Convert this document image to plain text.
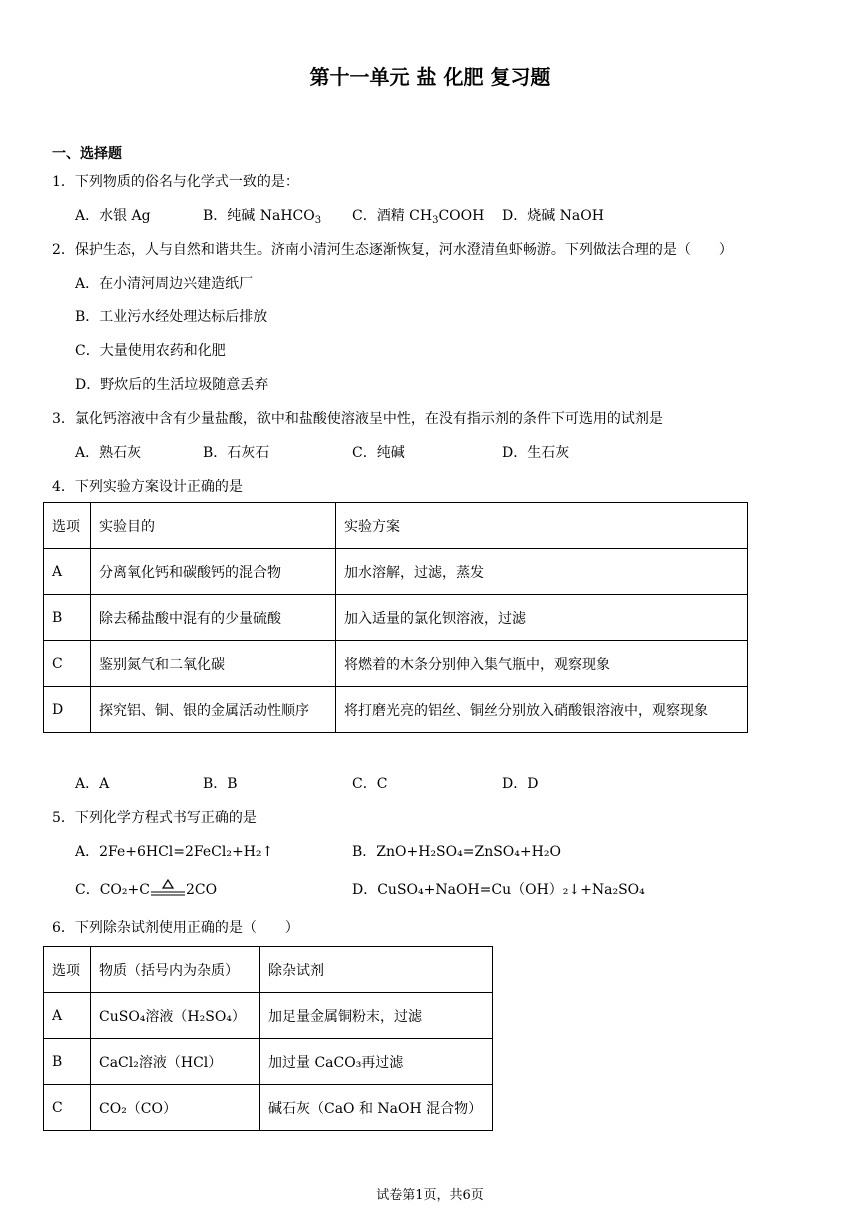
第十一单元 盐 化肥 复习题
一、选择题
1．下列物质的俗名与化学式一致的是：
A．水银 Ag	B．纯碱 NaHCO$_3$ C．酒精 $CH_3COOH$ D．烧碱 NaOH
2．保护生态，人与自然和谐共生。济南小清河生态逐渐恢复，河水澄清鱼虾畅游。下列做法合理的是（　　）
A．在小清河周边兴建造纸厂
B．工业污水经处理达标后排放
C．大量使用农药和化肥
D．野炊后的生活垃圾随意丢弃
3．氯化钙溶液中含有少量盐酸，欲中和盐酸使溶液呈中性，在没有指示剂的条件下可选用的试剂是
A．熟石灰	B．石灰石	C．纯碱	D．生石灰
4．下列实验方案设计正确的是
选项	实验目的	实验方案
A	分离氧化钙和碳酸钙的混合物	加水溶解，过滤，蒸发
B	除去稀盐酸中混有的少量硫酸	加入适量的氯化钡溶液，过滤
C	鉴别氮气和二氧化碳	将燃着的木条分别伸入集气瓶中，观察现象
D	探究铝、铜、银的金属活动性顺序	将打磨光亮的铝丝、铜丝分别放入硝酸银溶液中，观察现象
A．A	B．B	C．C	D．D
5．下列化学方程式书写正确的是
A．2Fe+6HCl=2FeCl₂+H₂↑	B．ZnO+H₂SO₄=ZnSO₄+H₂O
C．CO₂+C	2CO	D．CuSO₄+NaOH=Cu（OH）₂↓+Na₂SO₄
6．下列除杂试剂使用正确的是（　　）
选项	物质（括号内为杂质）	除杂试剂
A	CuSO₄溶液（H₂SO₄）	加足量金属铜粉末，过滤
B	CaCl₂溶液（HCl）	加过量 CaCO₃再过滤
C	CO₂（CO）	碱石灰（CaO 和 NaOH 混合物）
试卷第1页，共6页
